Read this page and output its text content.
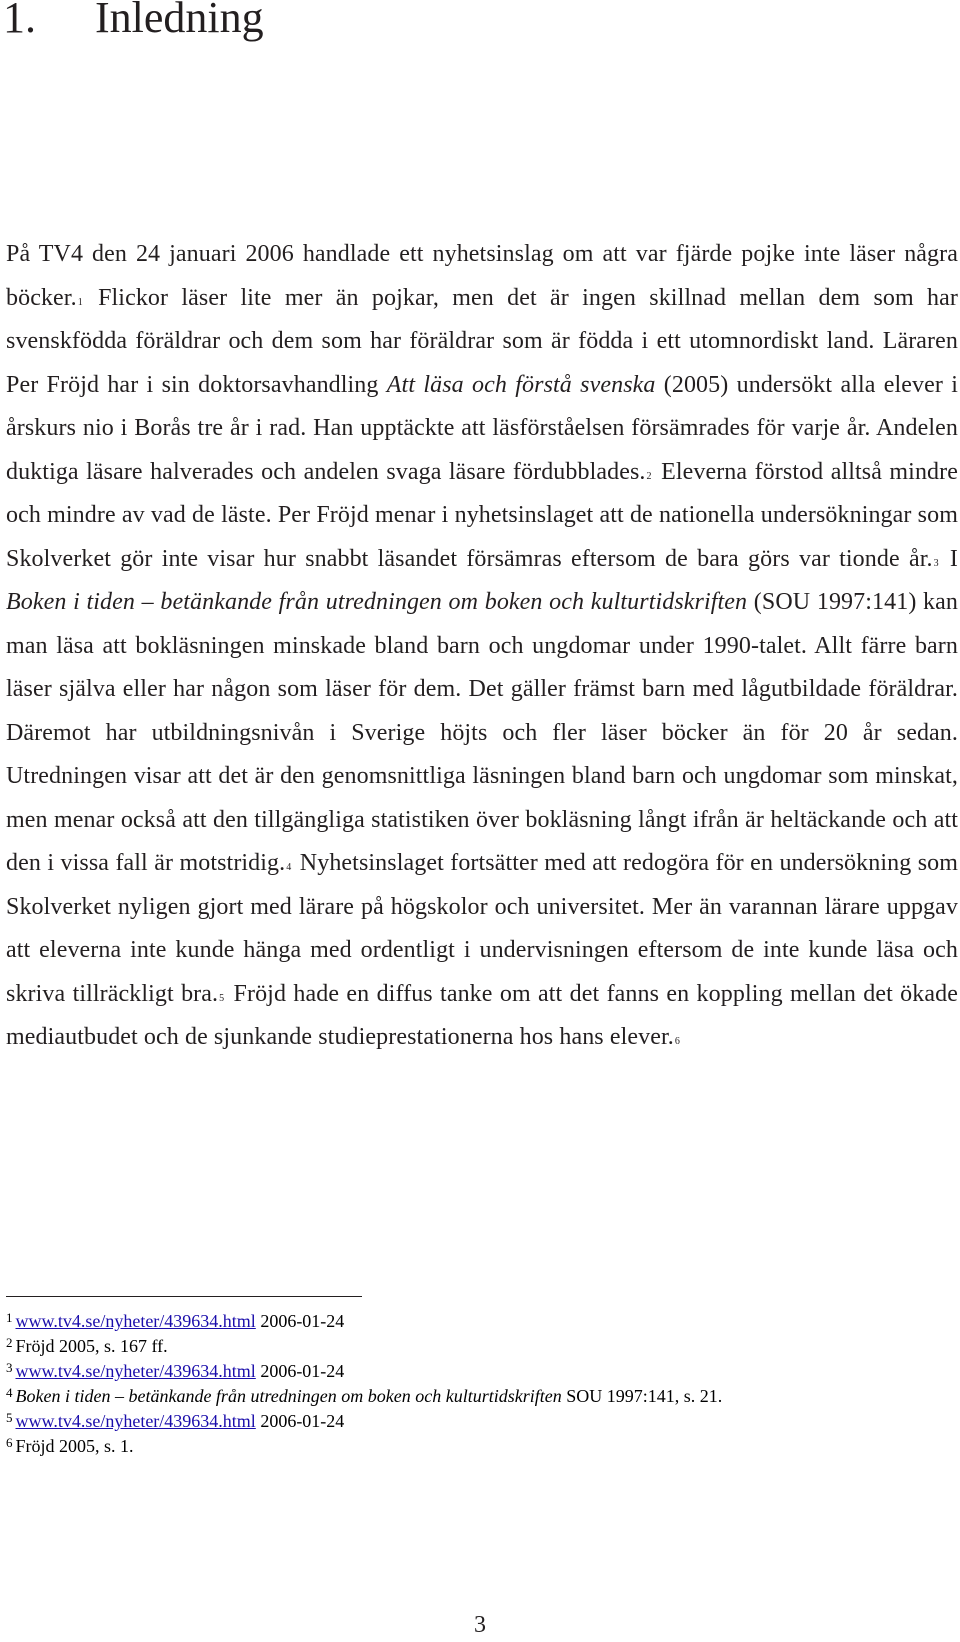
1. Inledning

På TV4 den 24 januari 2006 handlade ett nyhetsinslag om att var fjärde pojke inte läser några böcker.$^1$ Flickor läser lite mer än pojkar, men det är ingen skillnad mellan dem som har svenskfödda föräldrar och dem som har föräldrar som är födda i ett utomnordiskt land. Läraren Per Fröjd har i sin doktorsavhandling Att läsa och förstå svenska (2005) undersökt alla elever i årskurs nio i Borås tre år i rad. Han upptäckte att läsförståelsen försämrades för varje år. Andelen duktiga läsare halverades och andelen svaga läsare fördubblades.$^2$ Eleverna förstod alltså mindre och mindre av vad de läste. Per Fröjd menar i nyhetsinslaget att de nationella undersökningar som Skolverket gör inte visar hur snabbt läsandet försämras eftersom de bara görs var tionde år.$^3$ I Boken i tiden – betänkande från utredningen om boken och kulturtidskriften (SOU 1997:141) kan man läsa att bokläsningen minskade bland barn och ungdomar under 1990-talet. Allt färre barn läser själva eller har någon som läser för dem. Det gäller främst barn med lågutbildade föräldrar. Däremot har utbildningsnivån i Sverige höjts och fler läser böcker än för 20 år sedan. Utredningen visar att det är den genomsnittliga läsningen bland barn och ungdomar som minskat, men menar också att den tillgängliga statistiken över bokläsning långt ifrån är heltäckande och att den i vissa fall är motstridig.$^4$ Nyhetsinslaget fortsätter med att redogöra för en undersökning som Skolverket nyligen gjort med lärare på högskolor och universitet. Mer än varannan lärare uppgav att eleverna inte kunde hänga med ordentligt i undervisningen eftersom de inte kunde läsa och skriva tillräckligt bra.$^5$ Fröjd hade en diffus tanke om att det fanns en koppling mellan det ökade mediautbudet och de sjunkande studieprestationerna hos hans elever.$^6$

$^1$ www.tv4.se/nyheter/439634.html 2006-01-24
$^2$ Fröjd 2005, s. 167 ff.
$^3$ www.tv4.se/nyheter/439634.html 2006-01-24
$^4$ Boken i tiden – betänkande från utredningen om boken och kulturtidskriften SOU 1997:141, s. 21.
$^5$ www.tv4.se/nyheter/439634.html 2006-01-24
$^6$ Fröjd 2005, s. 1.
3
